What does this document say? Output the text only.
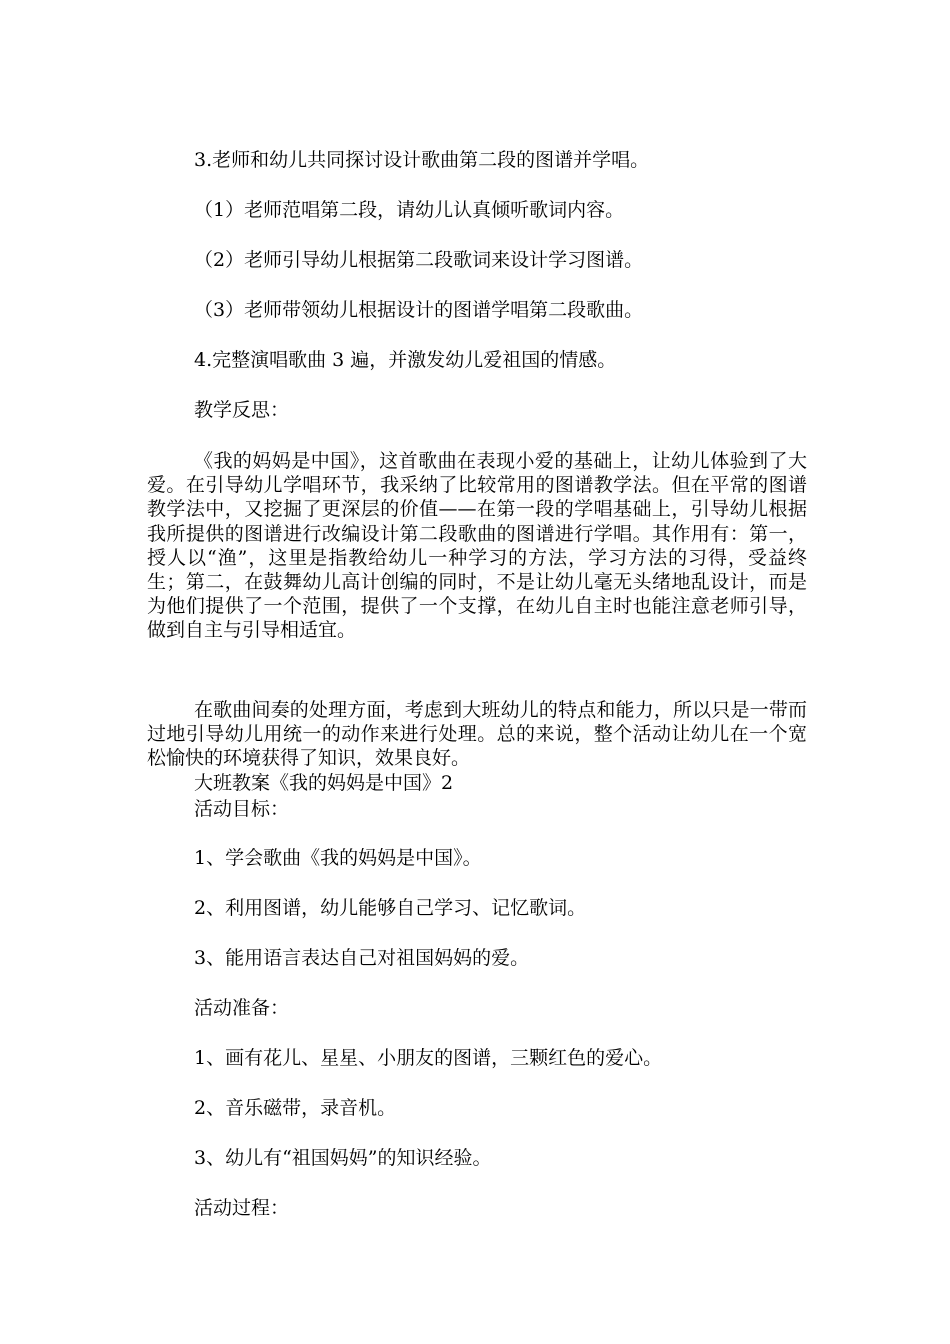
3.老师和幼儿共同探讨设计歌曲第二段的图谱并学唱。
（1）老师范唱第二段，请幼儿认真倾听歌词内容。
（2）老师引导幼儿根据第二段歌词来设计学习图谱。
（3）老师带领幼儿根据设计的图谱学唱第二段歌曲。
4.完整演唱歌曲 3 遍，并激发幼儿爱祖国的情感。
教学反思：
《我的妈妈是中国》，这首歌曲在表现小爱的基础上，让幼儿体验到了大爱。在引导幼儿学唱环节，我采纳了比较常用的图谱教学法。但在平常的图谱教学法中，又挖掘了更深层的价值——在第一段的学唱基础上，引导幼儿根据我所提供的图谱进行改编设计第二段歌曲的图谱进行学唱。其作用有：第一，授人以“渔”，这里是指教给幼儿一种学习的方法，学习方法的习得，受益终生；第二，在鼓舞幼儿高计创编的同时，不是让幼儿毫无头绪地乱设计，而是为他们提供了一个范围，提供了一个支撑，在幼儿自主时也能注意老师引导，做到自主与引导相适宜。
在歌曲间奏的处理方面，考虑到大班幼儿的特点和能力，所以只是一带而过地引导幼儿用统一的动作来进行处理。总的来说，整个活动让幼儿在一个宽松愉快的环境获得了知识，效果良好。
大班教案《我的妈妈是中国》2
活动目标：
1、学会歌曲《我的妈妈是中国》。
2、利用图谱，幼儿能够自己学习、记忆歌词。
3、能用语言表达自己对祖国妈妈的爱。
活动准备：
1、画有花儿、星星、小朋友的图谱，三颗红色的爱心。
2、音乐磁带，录音机。
3、幼儿有“祖国妈妈”的知识经验。
活动过程：
